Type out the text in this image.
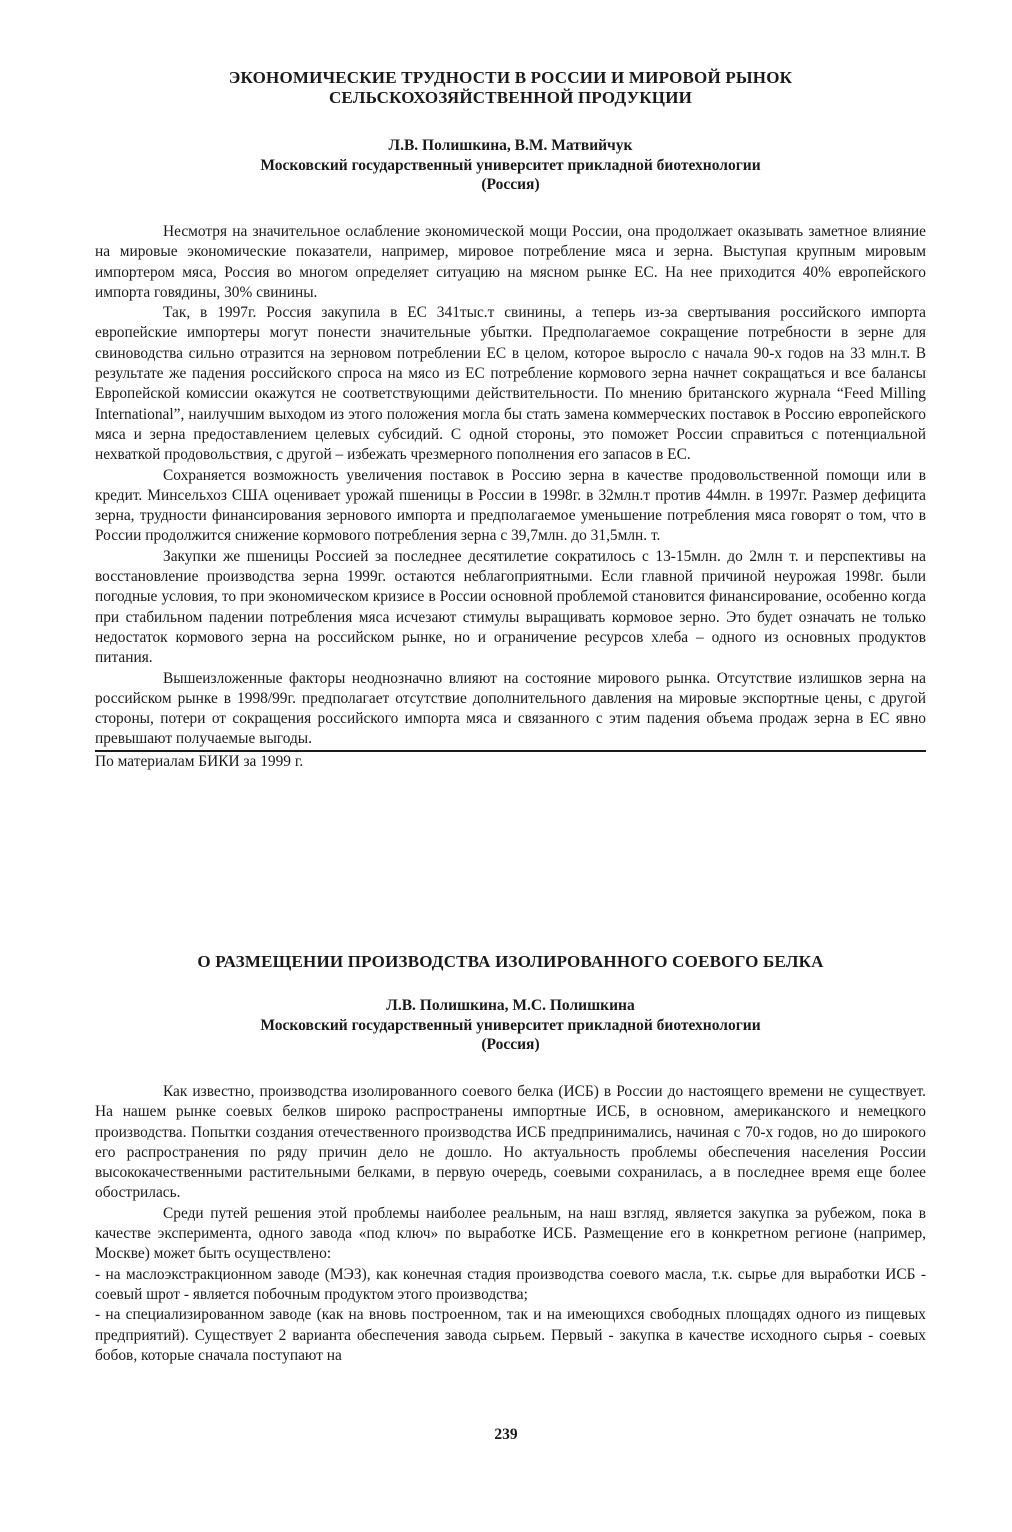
ЭКОНОМИЧЕСКИЕ ТРУДНОСТИ В РОССИИ И МИРОВОЙ РЫНОК

СЕЛЬСКОХОЗЯЙСТВЕННОЙ ПРОДУКЦИИ

Л.В. Полишкина, В.М. Матвийчук

Московский государственный университет прикладной биотехнологии

(Россия)

Несмотря на значительное ослабление экономической мощи России, она продолжает оказывать заметное влияние на мировые экономические показатели, например, мировое потребление мяса и зерна. Выступая крупным мировым импортером мяса, Россия во многом определяет ситуацию на мясном рынке ЕС. На нее приходится 40% европейского импорта говядины, 30% свинины.

Так, в 1997г. Россия закупила в ЕС 341тыс.т свинины, а теперь из-за свертывания российского импорта европейские импортеры могут понести значительные убытки. Предполагаемое сокращение потребности в зерне для свиноводства сильно отразится на зерновом потреблении ЕС в целом, которое выросло с начала 90-х годов на 33 млн.т. В результате же падения российского спроса на мясо из ЕС потребление кормового зерна начнет сокращаться и все балансы Европейской комиссии окажутся не соответствующими действительности. По мнению британского журнала “Feed Milling International”, наилучшим выходом из этого положения могла бы стать замена коммерческих поставок в Россию европейского мяса и зерна предоставлением целевых субсидий. С одной стороны, это поможет России справиться с потенциальной нехваткой продовольствия, с другой – избежать чрезмерного пополнения его запасов в ЕС.

Сохраняется возможность увеличения поставок в Россию зерна в качестве продовольственной помощи или в кредит. Минсельхоз США оценивает урожай пшеницы в России в 1998г. в 32млн.т против 44млн. в 1997г. Размер дефицита зерна, трудности финансирования зернового импорта и предполагаемое уменьшение потребления мяса говорят о том, что в России продолжится снижение кормового потребления зерна с 39,7млн. до 31,5млн. т.

Закупки же пшеницы Россией за последнее десятилетие сократилось с 13-15млн. до 2млн т. и перспективы на восстановление производства зерна 1999г. остаются неблагоприятными. Если главной причиной неурожая 1998г. были погодные условия, то при экономическом кризисе в России основной проблемой становится финансирование, особенно когда при стабильном падении потребления мяса исчезают стимулы выращивать кормовое зерно. Это будет означать не только недостаток кормового зерна на российском рынке, но и ограничение ресурсов хлеба – одного из основных продуктов питания.

Вышеизложенные факторы неоднозначно влияют на состояние мирового рынка. Отсутствие излишков зерна на российском рынке в 1998/99г. предполагает отсутствие дополнительного давления на мировые экспортные цены, с другой стороны, потери от сокращения российского импорта мяса и связанного с этим падения объема продаж зерна в ЕС явно превышают получаемые выгоды.

По материалам БИКИ за 1999 г.

О РАЗМЕЩЕНИИ ПРОИЗВОДСТВА ИЗОЛИРОВАННОГО СОЕВОГО БЕЛКА

Л.В. Полишкина, М.С. Полишкина

Московский государственный университет прикладной биотехнологии

(Россия)

Как известно, производства изолированного соевого белка (ИСБ) в России до настоящего времени не существует. На нашем рынке соевых белков широко распространены импортные ИСБ, в основном, американского и немецкого производства. Попытки создания отечественного производства ИСБ предпринимались, начиная с 70-х годов, но до широкого его распространения по ряду причин дело не дошло. Но актуальность проблемы обеспечения населения России высококачественными растительными белками, в первую очередь, соевыми сохранилась, а в последнее время еще более обострилась.

Среди путей решения этой проблемы наиболее реальным, на наш взгляд, является закупка за рубежом, пока в качестве эксперимента, одного завода «под ключ» по выработке ИСБ. Размещение его в конкретном регионе (например, Москве) может быть осуществлено:

- на маслоэкстракционном заводе (МЭЗ), как конечная стадия производства соевого масла, т.к. сырье для выработки ИСБ - соевый шрот - является побочным продуктом этого производства;

- на специализированном заводе (как на вновь построенном, так и на имеющихся свободных площадях одного из пищевых предприятий). Существует 2 варианта обеспечения завода сырьем. Первый - закупка в качестве исходного сырья - соевых бобов, которые сначала поступают на

239
